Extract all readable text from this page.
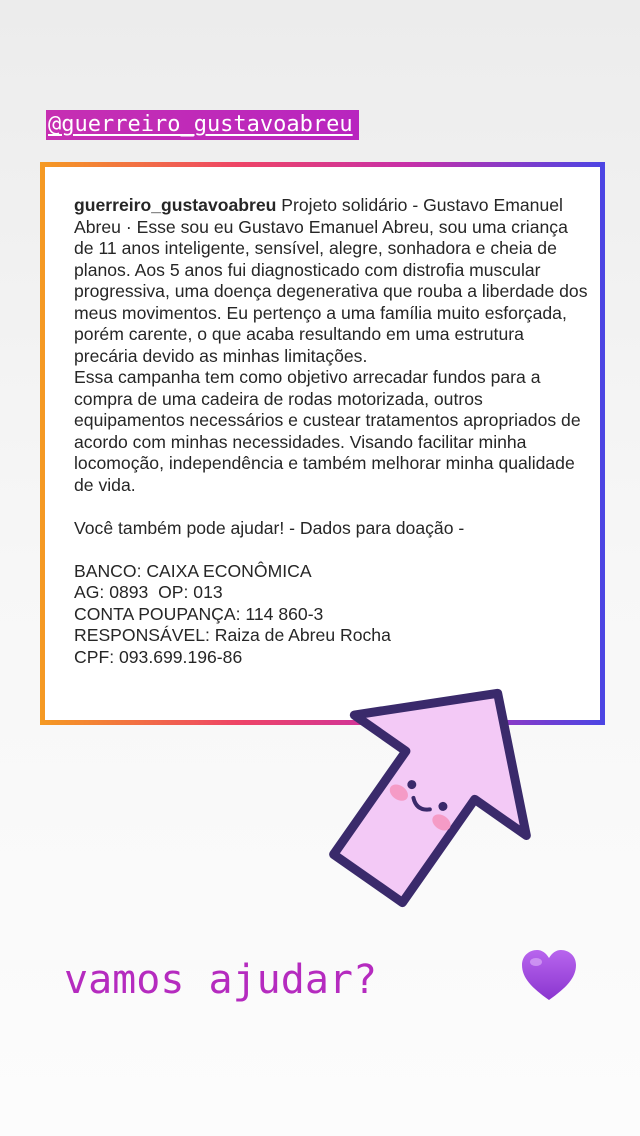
@guerreiro_gustavoabreu

guerreiro_gustavoabreu Projeto solidário - Gustavo Emanuel Abreu · Esse sou eu Gustavo Emanuel Abreu, sou uma criança de 11 anos inteligente, sensível, alegre, sonhadora e cheia de planos. Aos 5 anos fui diagnosticado com distrofia muscular progressiva, uma doença degenerativa que rouba a liberdade dos meus movimentos. Eu pertenço a uma família muito esforçada, porém carente, o que acaba resultando em uma estrutura precária devido as minhas limitações.

Essa campanha tem como objetivo arrecadar fundos para a compra de uma cadeira de rodas motorizada, outros equipamentos necessários e custear tratamentos apropriados de acordo com minhas necessidades. Visando facilitar minha locomoção, independência e também melhorar minha qualidade de vida.

Você também pode ajudar! - Dados para doação -

BANCO: CAIXA ECONÔMICA

AG: 0893  OP: 013

CONTA POUPANÇA: 114 860-3

RESPONSÁVEL: Raiza de Abreu Rocha

CPF: 093.699.196-86

vamos ajudar?
